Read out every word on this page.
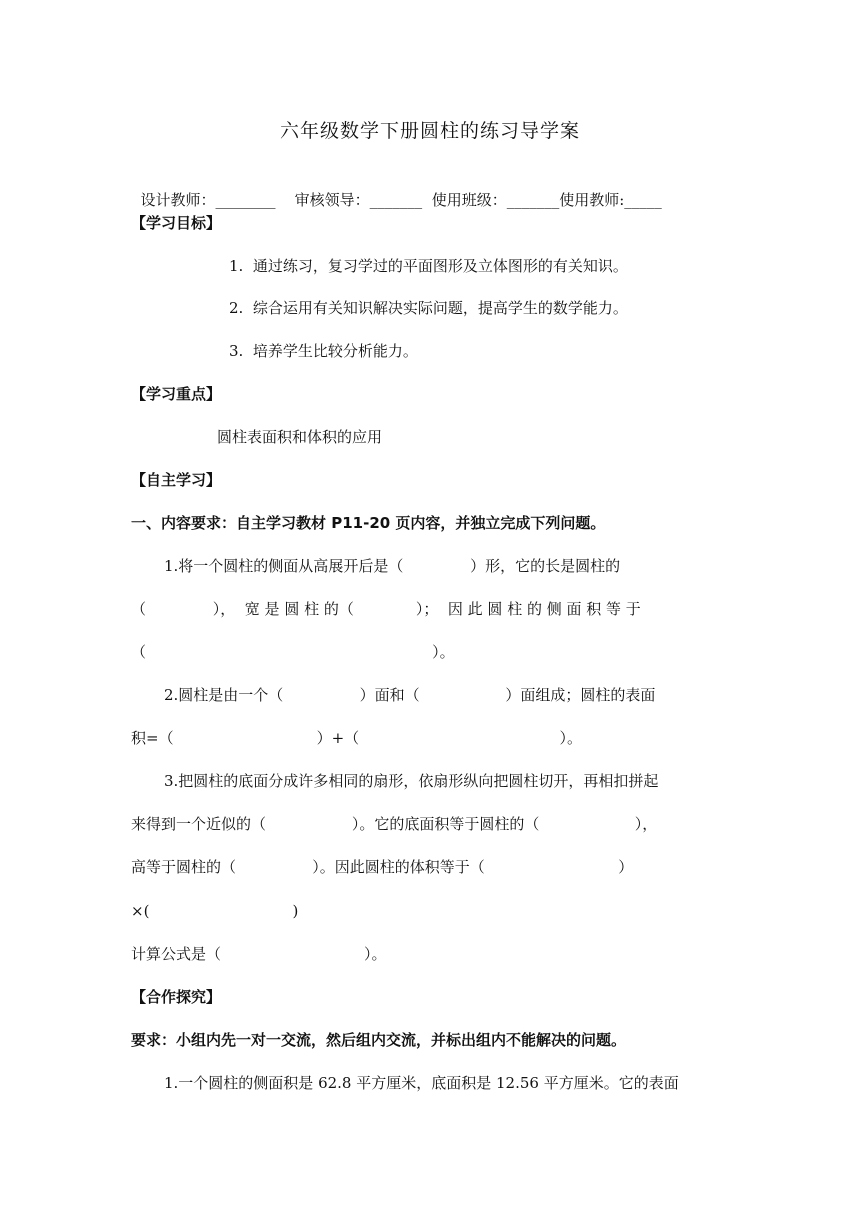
六年级数学下册圆柱的练习导学案

设计教师：________ 审核领导：_______ 使用班级：_______使用教师:_____

【学习目标】
1.  通过练习，复习学过的平面图形及立体图形的有关知识。
2.  综合运用有关知识解决实际问题，提高学生的数学能力。
3.  培养学生比较分析能力。
【学习重点】
圆柱表面积和体积的应用
【自主学习】
一、内容要求：自主学习教材 P11-20 页内容，并独立完成下列问题。
1.将一个圆柱的侧面从高展开后是（              ）形，它的长是圆柱的
（              ），  宽 是 圆 柱 的（             ）；  因 此 圆 柱 的 侧 面 积 等 于
（                                                            ）。
2.圆柱是由一个（                ）面和（                  ）面组成；圆柱的表面
积=（                              ）+（                                          ）。
3.把圆柱的底面分成许多相同的扇形，依扇形纵向把圆柱切开，再相扣拼起
来得到一个近似的（                  ）。它的底面积等于圆柱的（                    ），
高等于圆柱的（                ）。因此圆柱的体积等于（                            ）
×(                              )
计算公式是（                              ）。
【合作探究】
要求：小组内先一对一交流，然后组内交流，并标出组内不能解决的问题。
1.一个圆柱的侧面积是 62.8 平方厘米，底面积是 12.56 平方厘米。它的表面
